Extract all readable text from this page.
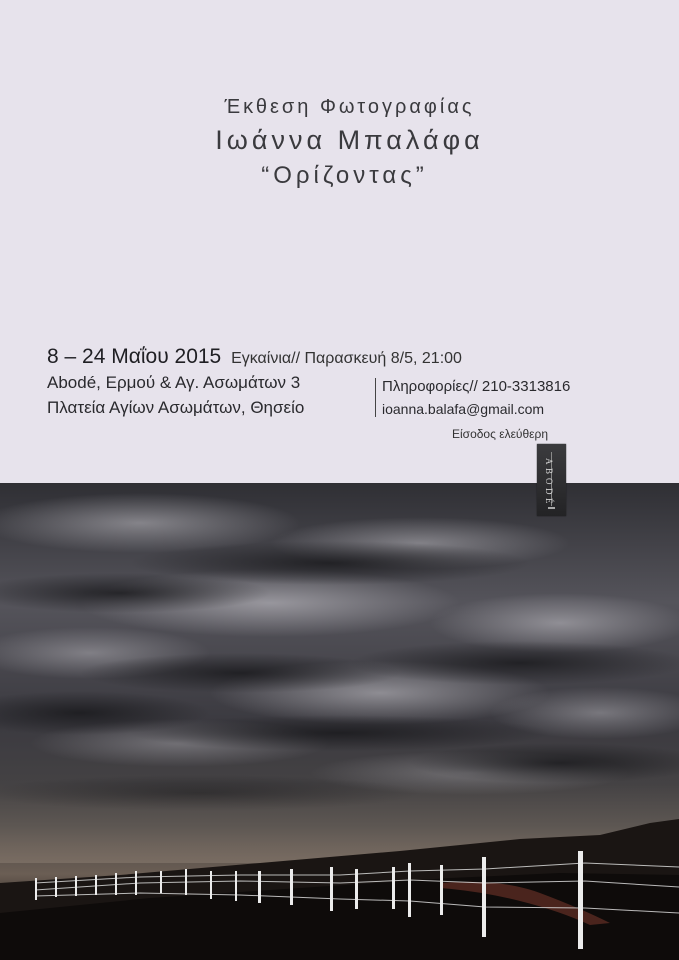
Έκθεση Φωτογραφίας
Ιωάννα Μπαλάφα
“Ορίζοντας”
8 – 24 Μαΐου 2015 Εγκαίνια// Παρασκευή 8/5, 21:00
Abodé, Ερμού & Αγ. Ασωμάτων 3
Πλατεία Αγίων Ασωμάτων, Θησείο
Πληροφορίες// 210-3313816
ioanna.balafa@gmail.com
Είσοδος ελεύθερη
A
B
O
D
É
